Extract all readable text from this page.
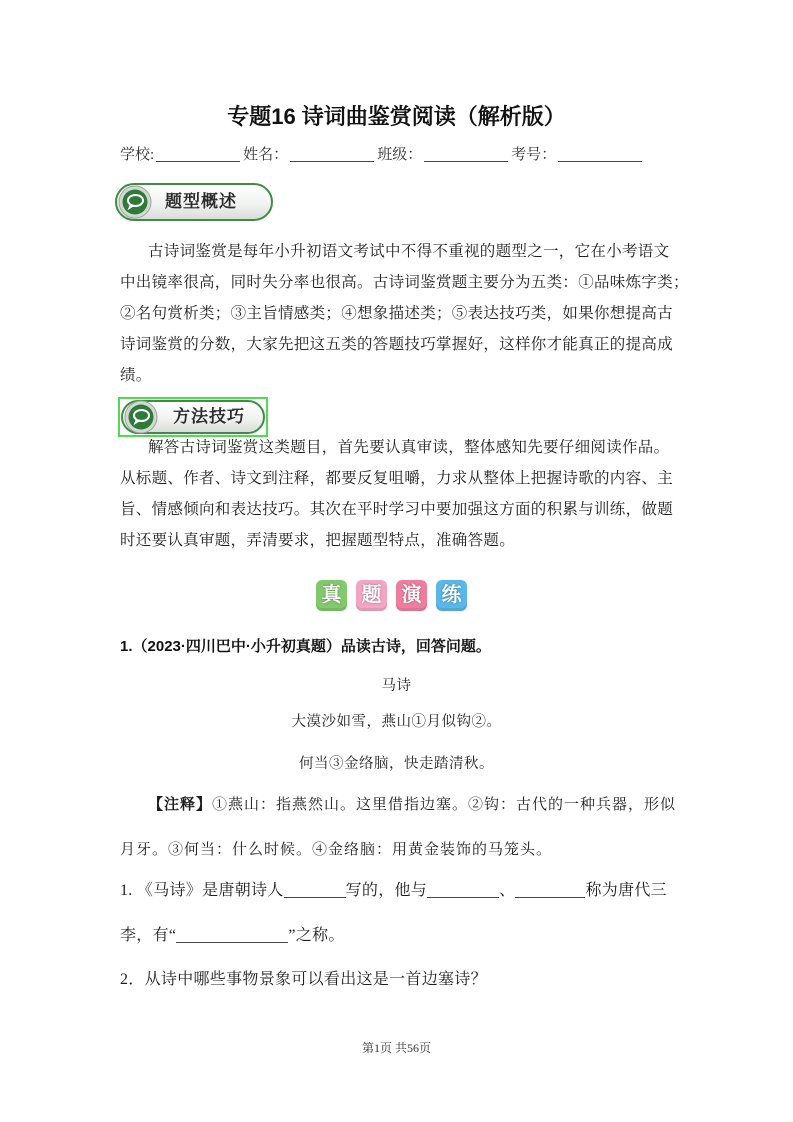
专题16 诗词曲鉴赏阅读（解析版）
学校:	姓名：	班级：	考号：
题型概述
古诗词鉴赏是每年小升初语文考试中不得不重视的题型之一，它在小考语文
中出镜率很高，同时失分率也很高。古诗词鉴赏题主要分为五类：①品味炼字类；
②名句赏析类；③主旨情感类；④想象描述类；⑤表达技巧类，如果你想提高古
诗词鉴赏的分数，大家先把这五类的答题技巧掌握好，这样你才能真正的提高成
绩。
方法技巧
解答古诗词鉴赏这类题目，首先要认真审读，整体感知先要仔细阅读作品。
从标题、作者、诗文到注释，都要反复咀嚼，力求从整体上把握诗歌的内容、主
旨、情感倾向和表达技巧。其次在平时学习中要加强这方面的积累与训练，做题
时还要认真审题，弄清要求，把握题型特点，准确答题。
真 题 演 练
1.（2023·四川巴中·小升初真题）品读古诗，回答问题。
马诗
大漠沙如雪，燕山①月似钩②。
何当③金络脑，快走踏清秋。
【注释】①燕山：指燕然山。这里借指边塞。②钩：古代的一种兵器，形似
月牙。③何当：什么时候。④金络脑：用黄金装饰的马笼头。
1. 《马诗》是唐朝诗人	写的，他与	、	称为唐代三
李，有“	”之称。
2．从诗中哪些事物景象可以看出这是一首边塞诗？
第1页 共56页
